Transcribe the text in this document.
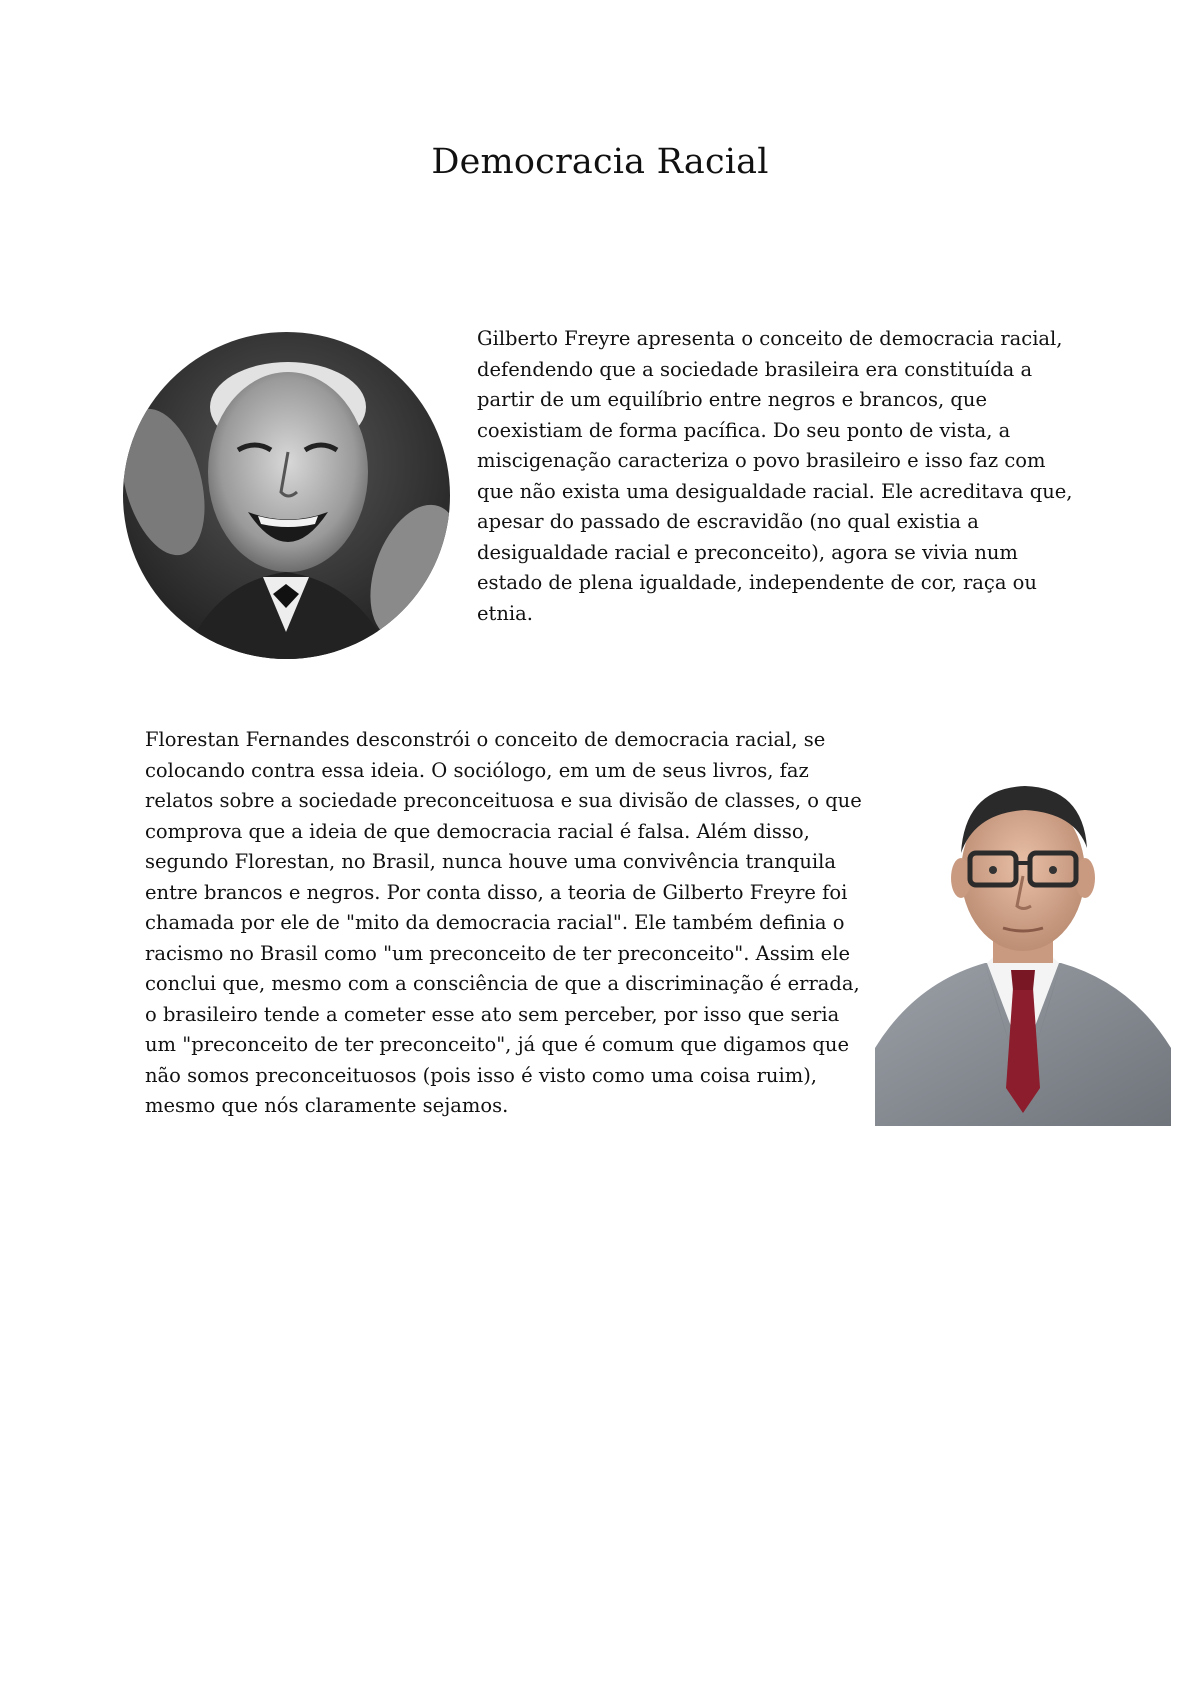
Democracia Racial

Gilberto Freyre apresenta o conceito de democracia racial, defendendo que a sociedade brasileira era constituída a partir de um equilíbrio entre negros e brancos, que coexistiam de forma pacífica. Do seu ponto de vista, a miscigenação caracteriza o povo brasileiro e isso faz com que não exista uma desigualdade racial. Ele acreditava que, apesar do passado de escravidão (no qual existia a desigualdade racial e preconceito), agora se vivia num estado de plena igualdade, independente de cor, raça ou etnia.

Florestan Fernandes desconstrói o conceito de democracia racial, se colocando contra essa ideia. O sociólogo, em um de seus livros, faz relatos sobre a sociedade preconceituosa e sua divisão de classes, o que comprova que a ideia de que democracia racial é falsa. Além disso, segundo Florestan, no Brasil, nunca houve uma convivência tranquila entre brancos e negros. Por conta disso, a teoria de Gilberto Freyre foi chamada por ele de "mito da democracia racial". Ele também definia o racismo no Brasil como "um preconceito de ter preconceito". Assim ele conclui que, mesmo com a consciência de que a discriminação é errada, o brasileiro tende a cometer esse ato sem perceber, por isso que seria um "preconceito de ter preconceito", já que é comum que digamos que não somos preconceituosos (pois isso é visto como uma coisa ruim), mesmo que nós claramente sejamos.
